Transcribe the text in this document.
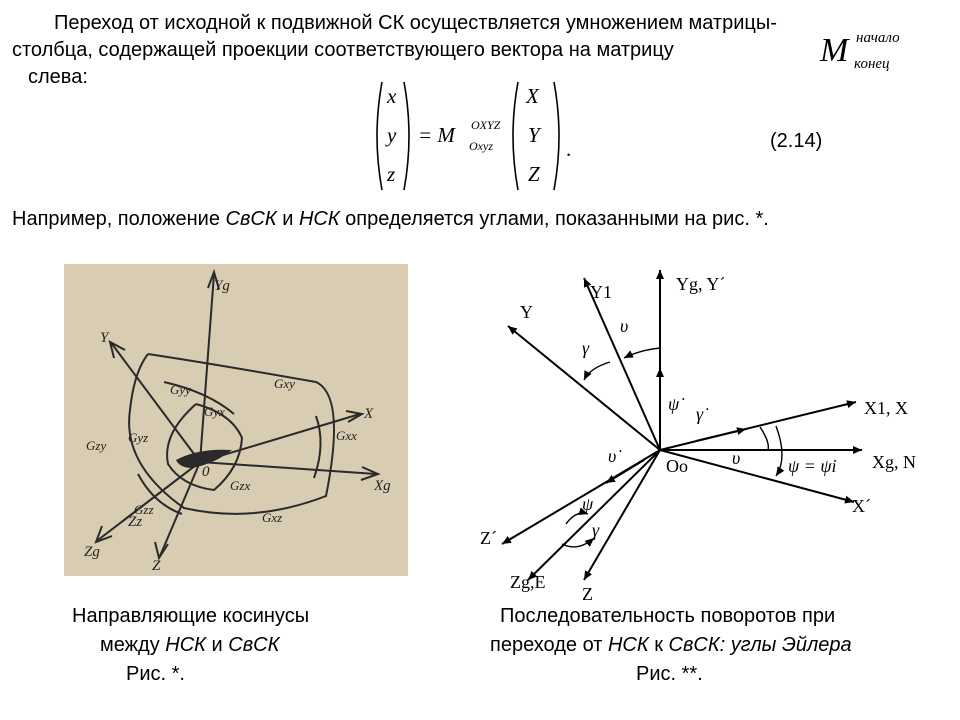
Переход от исходной к подвижной СК осуществляется умножением матрицы-
столбца, содержащей проекции соответствующего вектора на матрицу
слева:
M начало
конец
x
y
z
= M OXYZ
Oxyz
X
Y
Z
.	(2.14)
Например, положение СвСК и НСК определяется углами, показанными на рис. *.
Yg
Y
X
Xg
Zg
Z
Zz
0
Gyy
Gyx
Gxy
Gzy
Gyz	Gxx
Gzx
Gzz
Gxz
Yg, Y´
Y1
Y
X1, X
Xg, N
X´
Z´
Zg,E
Z
Oo
υ
γ
υ	ψ = ψi
ψ
γ
ψ̇ γ̇
υ̇
Направляющие косинусы
между НСК и СвСК
Рис. *.
Последовательность поворотов при
переходе от НСК к СвСК: углы Эйлера
Рис. **.
